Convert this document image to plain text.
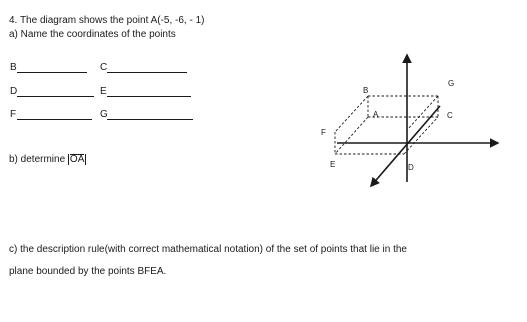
4. The diagram shows the point A(-5, -6, - 1)
a) Name the coordinates of the points
B	C
D	E
F	G
b) determine OA
c) the description rule(with correct mathematical notation) of the set of points that lie in the
plane bounded by the points BFEA.
B
G
A	C
F
E	D
